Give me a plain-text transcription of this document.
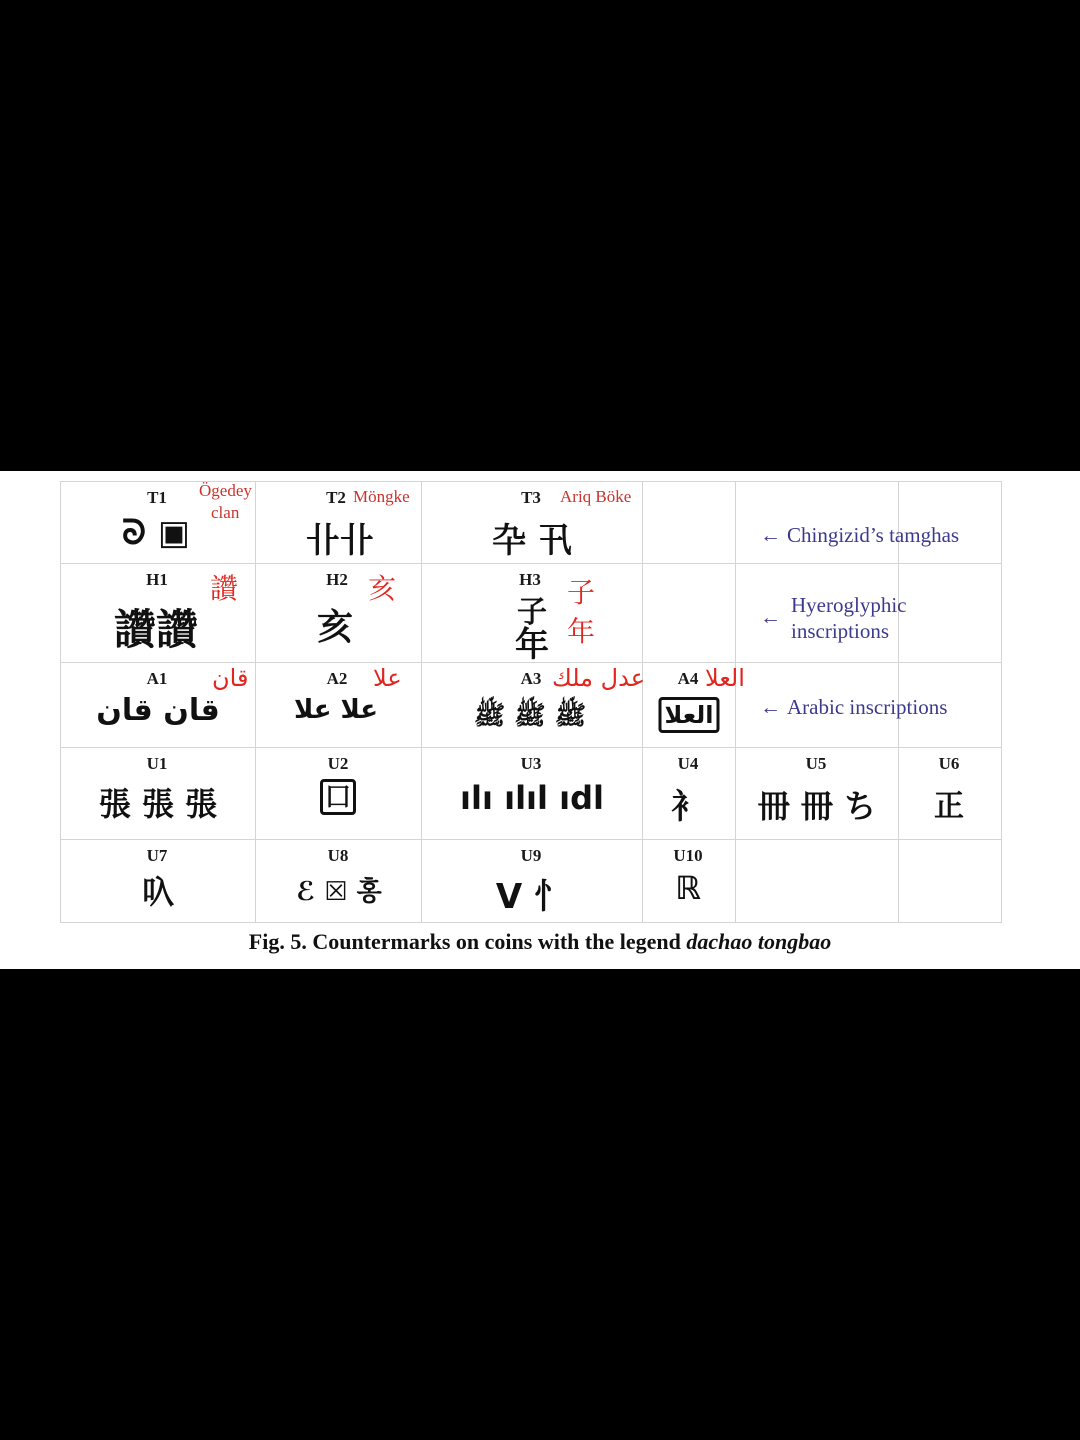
T1 Ögedey
clan
ᘐ ▣
T2 Möngke
卝卝
T3 Ariq Böke
卆 卂	← Chingizid’s tamghas
H1 讚
讚讚
H2 亥
亥
H3 子
年
子
年
← Hyeroglyphic
inscriptions
A1 قان
قان قان
A2 علا
علا علا
A3 عدل ملك
ﷺ ﷺ ﷺ
A4 العلا
العلا ← Arabic inscriptions
U1
張 張 張
U2
囗
U3
ılı ılıl ıdl
U4
衤
U5
冊 冊 ち
U6
正
U7
叺
U8
ℰ ☒ 홍
U9
ᐯ 忄
U10
ℝ
Fig. 5. Countermarks on coins with the legend dachao tongbao
